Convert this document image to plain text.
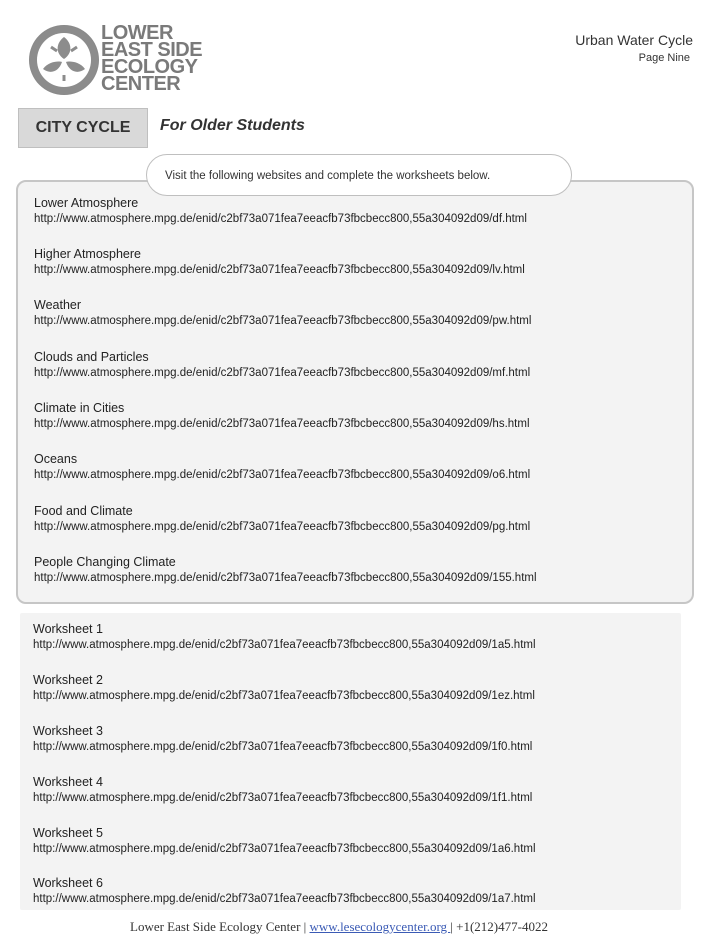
LOWER
EAST SIDE
ECOLOGY
CENTER
Urban Water Cycle
Page Nine
CITY CYCLE	For Older Students
Visit the following websites and complete the worksheets below.
Lower Atmosphere
http://www.atmosphere.mpg.de/enid/c2bf73a071fea7eeacfb73fbcbecc800,55a304092d09/df.html
Higher Atmosphere
http://www.atmosphere.mpg.de/enid/c2bf73a071fea7eeacfb73fbcbecc800,55a304092d09/lv.html
Weather
http://www.atmosphere.mpg.de/enid/c2bf73a071fea7eeacfb73fbcbecc800,55a304092d09/pw.html
Clouds and Particles
http://www.atmosphere.mpg.de/enid/c2bf73a071fea7eeacfb73fbcbecc800,55a304092d09/mf.html
Climate in Cities
http://www.atmosphere.mpg.de/enid/c2bf73a071fea7eeacfb73fbcbecc800,55a304092d09/hs.html
Oceans
http://www.atmosphere.mpg.de/enid/c2bf73a071fea7eeacfb73fbcbecc800,55a304092d09/o6.html
Food and Climate
http://www.atmosphere.mpg.de/enid/c2bf73a071fea7eeacfb73fbcbecc800,55a304092d09/pg.html
People Changing Climate
http://www.atmosphere.mpg.de/enid/c2bf73a071fea7eeacfb73fbcbecc800,55a304092d09/155.html
Worksheet 1
http://www.atmosphere.mpg.de/enid/c2bf73a071fea7eeacfb73fbcbecc800,55a304092d09/1a5.html
Worksheet 2
http://www.atmosphere.mpg.de/enid/c2bf73a071fea7eeacfb73fbcbecc800,55a304092d09/1ez.html
Worksheet 3
http://www.atmosphere.mpg.de/enid/c2bf73a071fea7eeacfb73fbcbecc800,55a304092d09/1f0.html
Worksheet 4
http://www.atmosphere.mpg.de/enid/c2bf73a071fea7eeacfb73fbcbecc800,55a304092d09/1f1.html
Worksheet 5
http://www.atmosphere.mpg.de/enid/c2bf73a071fea7eeacfb73fbcbecc800,55a304092d09/1a6.html
Worksheet 6
http://www.atmosphere.mpg.de/enid/c2bf73a071fea7eeacfb73fbcbecc800,55a304092d09/1a7.html
Lower East Side Ecology Center | www.lesecologycenter.org | +1(212)477-4022
